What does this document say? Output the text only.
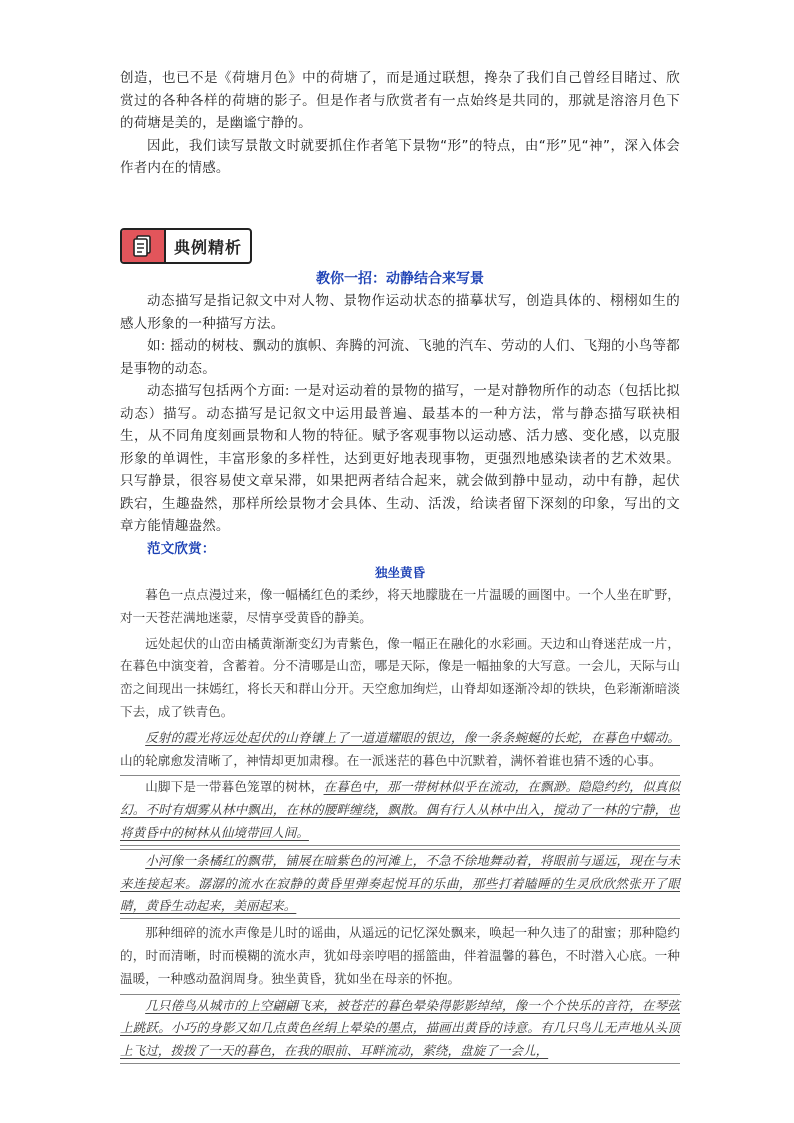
创造，也已不是《荷塘月色》中的荷塘了，而是通过联想，搀杂了我们自己曾经目睹过、欣赏过的各种各样的荷塘的影子。但是作者与欣赏者有一点始终是共同的，那就是溶溶月色下的荷塘是美的，是幽谧宁静的。

因此，我们读写景散文时就要抓住作者笔下景物“形”的特点，由“形”见“神”，深入体会作者内在的情感。

典例精析

教你一招：动静结合来写景

动态描写是指记叙文中对人物、景物作运动状态的描摹状写，创造具体的、栩栩如生的感人形象的一种描写方法。

如: 摇动的树枝、飘动的旗帜、奔腾的河流、飞驰的汽车、劳动的人们、飞翔的小鸟等都是事物的动态。

动态描写包括两个方面: 一是对运动着的景物的描写，一是对静物所作的动态（包括比拟动态）描写。动态描写是记叙文中运用最普遍、最基本的一种方法，常与静态描写联袂相生，从不同角度刻画景物和人物的特征。赋予客观事物以运动感、活力感、变化感，以克服形象的单调性，丰富形象的多样性，达到更好地表现事物，更强烈地感染读者的艺术效果。只写静景，很容易使文章呆滞，如果把两者结合起来，就会做到静中显动，动中有静，起伏跌宕，生趣盎然，那样所绘景物才会具体、生动、活泼，给读者留下深刻的印象，写出的文章方能情趣盎然。

范文欣赏：

独坐黄昏

暮色一点点漫过来，像一幅橘红色的柔纱，将天地朦胧在一片温暖的画图中。一个人坐在旷野，对一天苍茫满地迷蒙，尽情享受黄昏的静美。

远处起伏的山峦由橘黄渐渐变幻为青紫色，像一幅正在融化的水彩画。天边和山脊迷茫成一片，在暮色中演变着，含蓄着。分不清哪是山峦，哪是天际，像是一幅抽象的大写意。一会儿，天际与山峦之间现出一抹嫣红，将长天和群山分开。天空愈加绚烂，山脊却如逐渐冷却的铁块，色彩渐渐暗淡下去，成了铁青色。

反射的霞光将远处起伏的山脊镶上了一道道耀眼的银边，像一条条蜿蜒的长蛇，在暮色中蠕动。山的轮廓愈发清晰了，神情却更加肃穆。在一派迷茫的暮色中沉默着，满怀着谁也猜不透的心事。

山脚下是一带暮色笼罩的树林，在暮色中，那一带树林似乎在流动，在飘渺。隐隐约约，似真似幻。不时有烟雾从林中飘出，在林的腰畔缠绕，飘散。偶有行人从林中出入，搅动了一林的宁静，也将黄昏中的树林从仙境带回人间。

小河像一条橘红的飘带，铺展在暗紫色的河滩上，不急不徐地舞动着，将眼前与遥远，现在与未来连接起来。潺潺的流水在寂静的黄昏里弹奏起悦耳的乐曲，那些打着瞌睡的生灵欣欣然张开了眼睛，黄昏生动起来，美丽起来。

那种细碎的流水声像是儿时的谣曲，从遥远的记忆深处飘来，唤起一种久违了的甜蜜；那种隐约的，时而清晰，时而模糊的流水声，犹如母亲哼唱的摇篮曲，伴着温馨的暮色，不时潜入心底。一种温暖，一种感动盈润周身。独坐黄昏，犹如坐在母亲的怀抱。

几只倦鸟从城市的上空翩翩飞来，被苍茫的暮色晕染得影影绰绰，像一个个快乐的音符，在琴弦上跳跃。小巧的身影又如几点黄色丝绢上晕染的墨点，描画出黄昏的诗意。有几只鸟儿无声地从头顶上飞过，拨拨了一天的暮色，在我的眼前、耳畔流动，萦绕，盘旋了一会儿，
